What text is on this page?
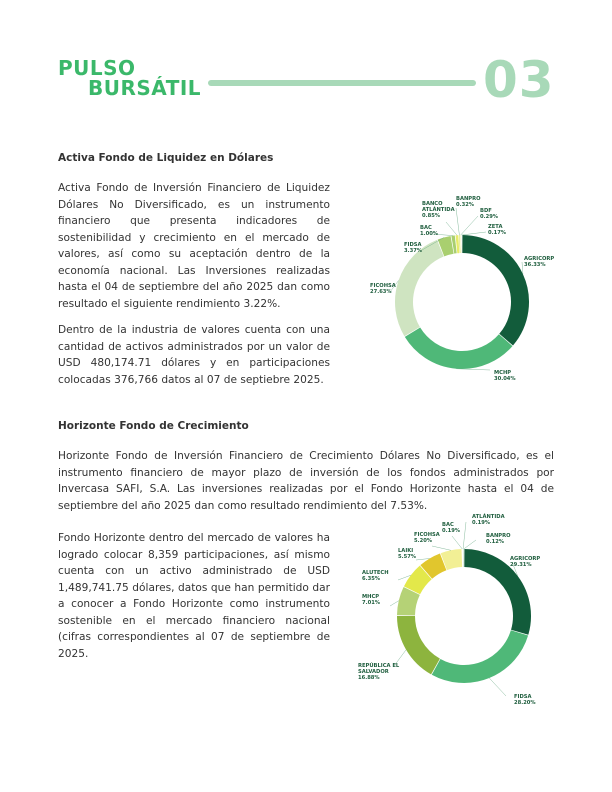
PULSO
BURSÁTIL	03
Activa Fondo de Liquidez en Dólares

Activa Fondo de Inversión Financiero de Liquidez Dólares No Diversificado, es un instrumento financiero que presenta indicadores de sostenibilidad y crecimiento en el mercado de valores, así como su aceptación dentro de la economía nacional. Las Inversiones realizadas hasta el 04 de septiembre del año 2025 dan como resultado el siguiente rendimiento 3.22%.

Dentro de la industria de valores cuenta con una cantidad de activos administrados por un valor de USD 480,174.71 dólares y en participaciones colocadas 376,766 datos al 07 de septiebre 2025.

AGRICORP
36.33%
MCHP
30.04%
FICOHSA
27.63%
FIDSA
3.37%
BAC
1.00%
BANCO
ATLÁNTIDA
0.85%
BANPRO
0.32%
BDF
0.29%
ZETA
0.17%
Horizonte Fondo de Crecimiento

Horizonte Fondo de Inversión Financiero de Crecimiento Dólares No Diversificado, es el instrumento financiero de mayor plazo de inversión de los fondos administrados por Invercasa SAFI, S.A. Las inversiones realizadas por el Fondo Horizonte hasta el 04 de septiembre del año 2025 dan como resultado rendimiento del 7.53%.

Fondo Horizonte dentro del mercado de valores ha logrado colocar 8,359 participaciones, así mismo cuenta con un activo administrado de USD 1,489,741.75 dólares, datos que han permitido dar a conocer a Fondo Horizonte como instrumento sostenible en el mercado financiero nacional (cifras correspondientes al 07 de septiembre de 2025.

AGRICORP
29.31%
FIDSA
28.20%
REPÚBLICA EL
SALVADOR
16.88%
MHCP
7.01%
ALUTECH
6.35%
LAIKI
5.57%
FICOHSA
5.20%
BAC
0.19%
ATLÁNTIDA
0.19%
BANPRO
0.12%
